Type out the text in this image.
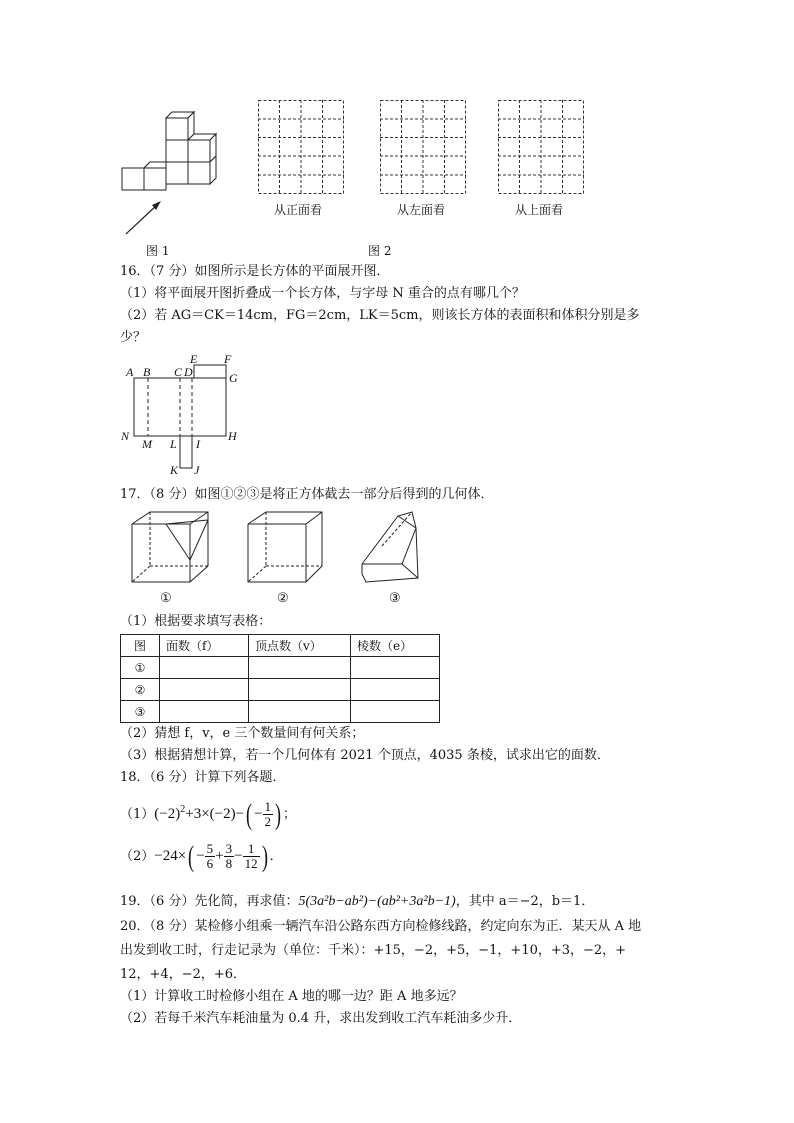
从正面看	从左面看	从上面看
图 1	图 2
16．（7 分）如图所示是长方体的平面展开图．
（1）将平面展开图折叠成一个长方体，与字母 N 重合的点有哪几个？
（2）若 AG＝CK＝14cm，FG＝2cm，LK＝5cm，则该长方体的表面积和体积分别是多
少？
A B C D
E F
G
N
M L I
H
K J
17．（8 分）如图①②③是将正方体截去一部分后得到的几何体．
①	②	③
（1）根据要求填写表格：
图	面数（f）	顶点数（v）	棱数（e）
①			
②			
③			
（2）猜想 f，v，e 三个数量间有何关系；
（3）根据猜想计算，若一个几何体有 2021 个顶点，4035 条棱，试求出它的面数．
18．（6 分）计算下列各题．
$(1)(-2)^2+3\times(-2)-( - \frac{1}{2}$ ) ；
$(2)-24\times( - \frac{5}{6} + \frac{3}{8} - \frac{1}{12}$ ) ．
19．（6 分）先化简，再求值：5(3a²b−ab²)−(ab²+3a²b−1)，其中 a＝−2，b＝1．
20．（8 分）某检修小组乘一辆汽车沿公路东西方向检修线路，约定向东为正．某天从 A 地
出发到收工时，行走记录为（单位：千米）：+15，−2，+5，−1，+10，+3，−2，+
12，+4，−2，+6．
（1）计算收工时检修小组在 A 地的哪一边？距 A 地多远？
（2）若每千米汽车耗油量为 0.4 升，求出发到收工汽车耗油多少升．
